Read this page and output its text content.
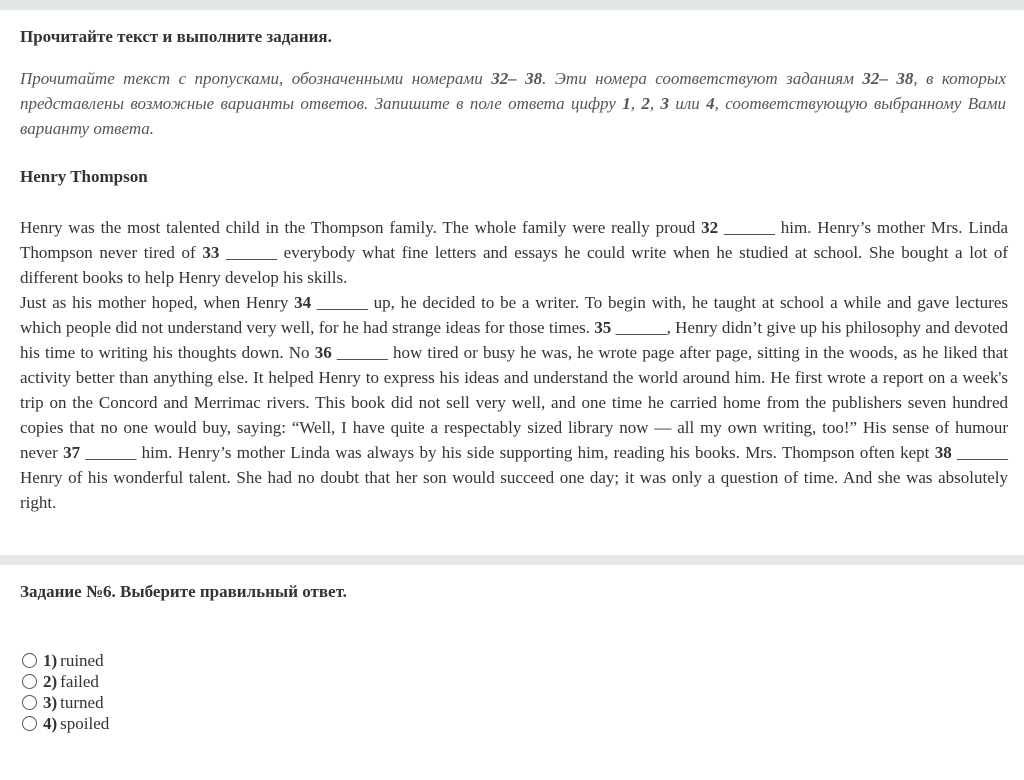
Прочитайте текст и выполните задания.
Прочитайте текст с пропусками, обозначенными номерами 32– 38. Эти номера соответствуют заданиям 32– 38, в которых представлены возможные варианты ответов. Запишите в поле ответа цифру 1, 2, 3 или 4, соответствующую выбранному Вами варианту ответа.
Henry Thompson

Henry was the most talented child in the Thompson family. The whole family were really proud 32 ______ him. Henry’s mother Mrs. Linda Thompson never tired of 33 ______ everybody what fine letters and essays he could write when he studied at school. She bought a lot of different books to help Henry develop his skills.

Just as his mother hoped, when Henry 34 ______ up, he decided to be a writer. To begin with, he taught at school a while and gave lectures which people did not understand very well, for he had strange ideas for those times. 35 ______, Henry didn’t give up his philosophy and devoted his time to writing his thoughts down. No 36 ______ how tired or busy he was, he wrote page after page, sitting in the woods, as he liked that activity better than anything else. It helped Henry to express his ideas and understand the world around him. He first wrote a report on a week's trip on the Concord and Merrimac rivers. This book did not sell very well, and one time he carried home from the publishers seven hundred copies that no one would buy, saying: “Well, I have quite a respectably sized library now — all my own writing, too!” His sense of humour never 37 ______ him. Henry’s mother Linda was always by his side supporting him, reading his books. Mrs. Thompson often kept 38 ______ Henry of his wonderful talent. She had no doubt that her son would succeed one day; it was only a question of time. And she was absolutely right.

Задание №6. Выберите правильный ответ.
1) ruined
2) failed
3) turned
4) spoiled
